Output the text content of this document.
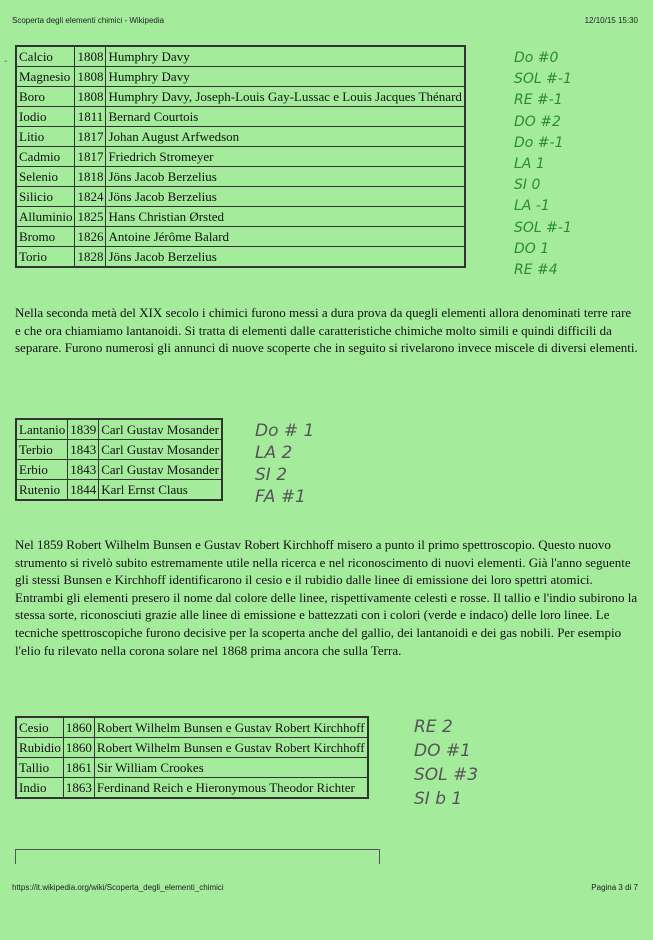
Scoperta degli elementi chimici - Wikipedia	12/10/15 15:30
- Calcio	1808	Humphry Davy
Magnesio	1808	Humphry Davy
Boro	1808	Humphry Davy, Joseph-Louis Gay-Lussac e Louis Jacques Thénard
Iodio	1811	Bernard Courtois
Litio	1817	Johan August Arfwedson
Cadmio	1817	Friedrich Stromeyer
Selenio	1818	Jöns Jacob Berzelius
Silicio	1824	Jöns Jacob Berzelius
Alluminio	1825	Hans Christian Ørsted
Bromo	1826	Antoine Jérôme Balard
Torio	1828	Jöns Jacob Berzelius
Do #0
SOL #-1
RE #-1
DO #2
Do #-1
LA 1
SI 0
LA -1
SOL #-1
DO 1
RE #4
Nella seconda metà del XIX secolo i chimici furono messi a dura prova da quegli elementi allora denominati terre rare e che ora chiamiamo lantanoidi. Si tratta di elementi dalle caratteristiche chimiche molto simili e quindi difficili da separare. Furono numerosi gli annunci di nuove scoperte che in seguito si rivelarono invece miscele di diversi elementi.
Lantanio	1839	Carl Gustav Mosander
Terbio	1843	Carl Gustav Mosander
Erbio	1843	Carl Gustav Mosander
Rutenio	1844	Karl Ernst Claus
Do # 1
LA 2
SI 2
FA #1
Nel 1859 Robert Wilhelm Bunsen e Gustav Robert Kirchhoff misero a punto il primo spettroscopio. Questo nuovo strumento si rivelò subito estremamente utile nella ricerca e nel riconoscimento di nuovi elementi. Già l'anno seguente gli stessi Bunsen e Kirchhoff identificarono il cesio e il rubidio dalle linee di emissione dei loro spettri atomici. Entrambi gli elementi presero il nome dal colore delle linee, rispettivamente celesti e rosse. Il tallio e l'indio subirono la stessa sorte, riconosciuti grazie alle linee di emissione e battezzati con i colori (verde e indaco) delle loro linee. Le tecniche spettroscopiche furono decisive per la scoperta anche del gallio, dei lantanoidi e dei gas nobili. Per esempio l'elio fu rilevato nella corona solare nel 1868 prima ancora che sulla Terra.
Cesio	1860	Robert Wilhelm Bunsen e Gustav Robert Kirchhoff
Rubidio	1860	Robert Wilhelm Bunsen e Gustav Robert Kirchhoff
Tallio	1861	Sir William Crookes
Indio	1863	Ferdinand Reich e Hieronymous Theodor Richter
RE 2
DO #1
SOL #3
SI b 1
https://it.wikipedia.org/wiki/Scoperta_degli_elementi_chimici	Pagina 3 di 7
